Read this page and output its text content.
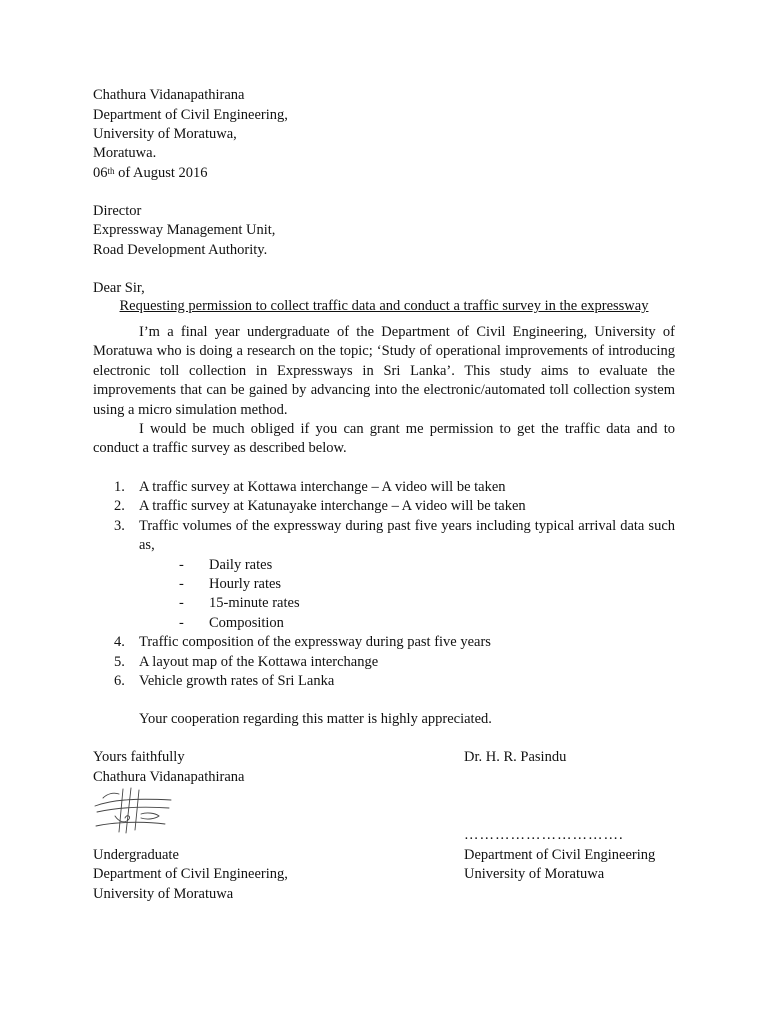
Chathura Vidanapathirana
Department of Civil Engineering,
University of Moratuwa,
Moratuwa.
06th of August 2016
Director
Expressway Management Unit,
Road Development Authority.
Dear Sir,
Requesting permission to collect traffic data and conduct a traffic survey in the expressway

I’m a final year undergraduate of the Department of Civil Engineering, University of Moratuwa who is doing a research on the topic; ‘Study of operational improvements of introducing electronic toll collection in Expressways in Sri Lanka’. This study aims to evaluate the improvements that can be gained by advancing into the electronic/automated toll collection system using a micro simulation method.

I would be much obliged if you can grant me permission to get the traffic data and to conduct a traffic survey as described below.

1. A traffic survey at Kottawa interchange – A video will be taken
2. A traffic survey at Katunayake interchange – A video will be taken
3. Traffic volumes of the expressway during past five years including typical arrival data such as,
- Daily rates
- Hourly rates
- 15-minute rates
- Composition
4. Traffic composition of the expressway during past five years
5. A layout map of the Kottawa interchange
6. Vehicle growth rates of Sri Lanka
Your cooperation regarding this matter is highly appreciated.
Yours faithfully
Chathura Vidanapathirana
Undergraduate
Department of Civil Engineering,
University of Moratuwa
Dr. H. R. Pasindu
………………………….
Department of Civil Engineering
University of Moratuwa
